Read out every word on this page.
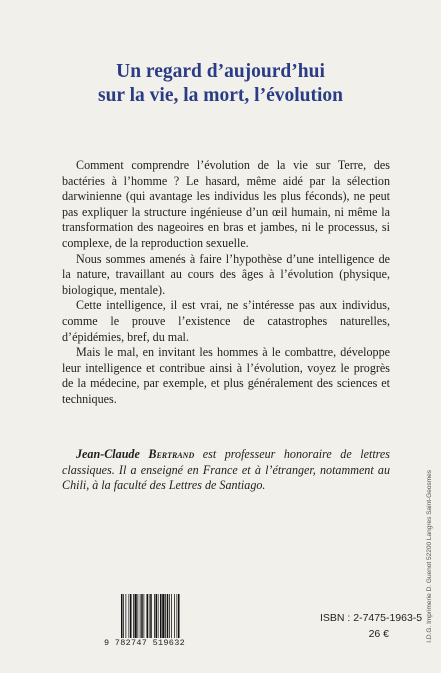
Un regard d’aujourd’hui
sur la vie, la mort, l’évolution

Comment comprendre l’évolution de la vie sur Terre, des bactéries à l’homme ? Le hasard, même aidé par la sélection darwinienne (qui avantage les individus les plus féconds), ne peut pas expliquer la structure ingénieuse d’un œil humain, ni même la transformation des nageoires en bras et jambes, ni le processus, si complexe, de la reproduction sexuelle.

Nous sommes amenés à faire l’hypothèse d’une intelligence de la nature, travaillant au cours des âges à l’évolution (physique, biologique, mentale).

Cette intelligence, il est vrai, ne s’intéresse pas aux individus, comme le prouve l’existence de catastrophes naturelles, d’épidémies, bref, du mal.

Mais le mal, en invitant les hommes à le combattre, développe leur intelligence et contribue ainsi à l’évolution, voyez le progrès de la médecine, par exemple, et plus généralement des sciences et techniques.

Jean-Claude Bertrand est professeur honoraire de lettres classiques. Il a enseigné en France et à l’étranger, notamment au Chili, à la faculté des Lettres de Santiago.

9 782747 519632
ISBN : 2-7475-1963-5
26 €	I.D.G. Imprimerie D. Guenot 52200 Langres Saint-Geosmes
